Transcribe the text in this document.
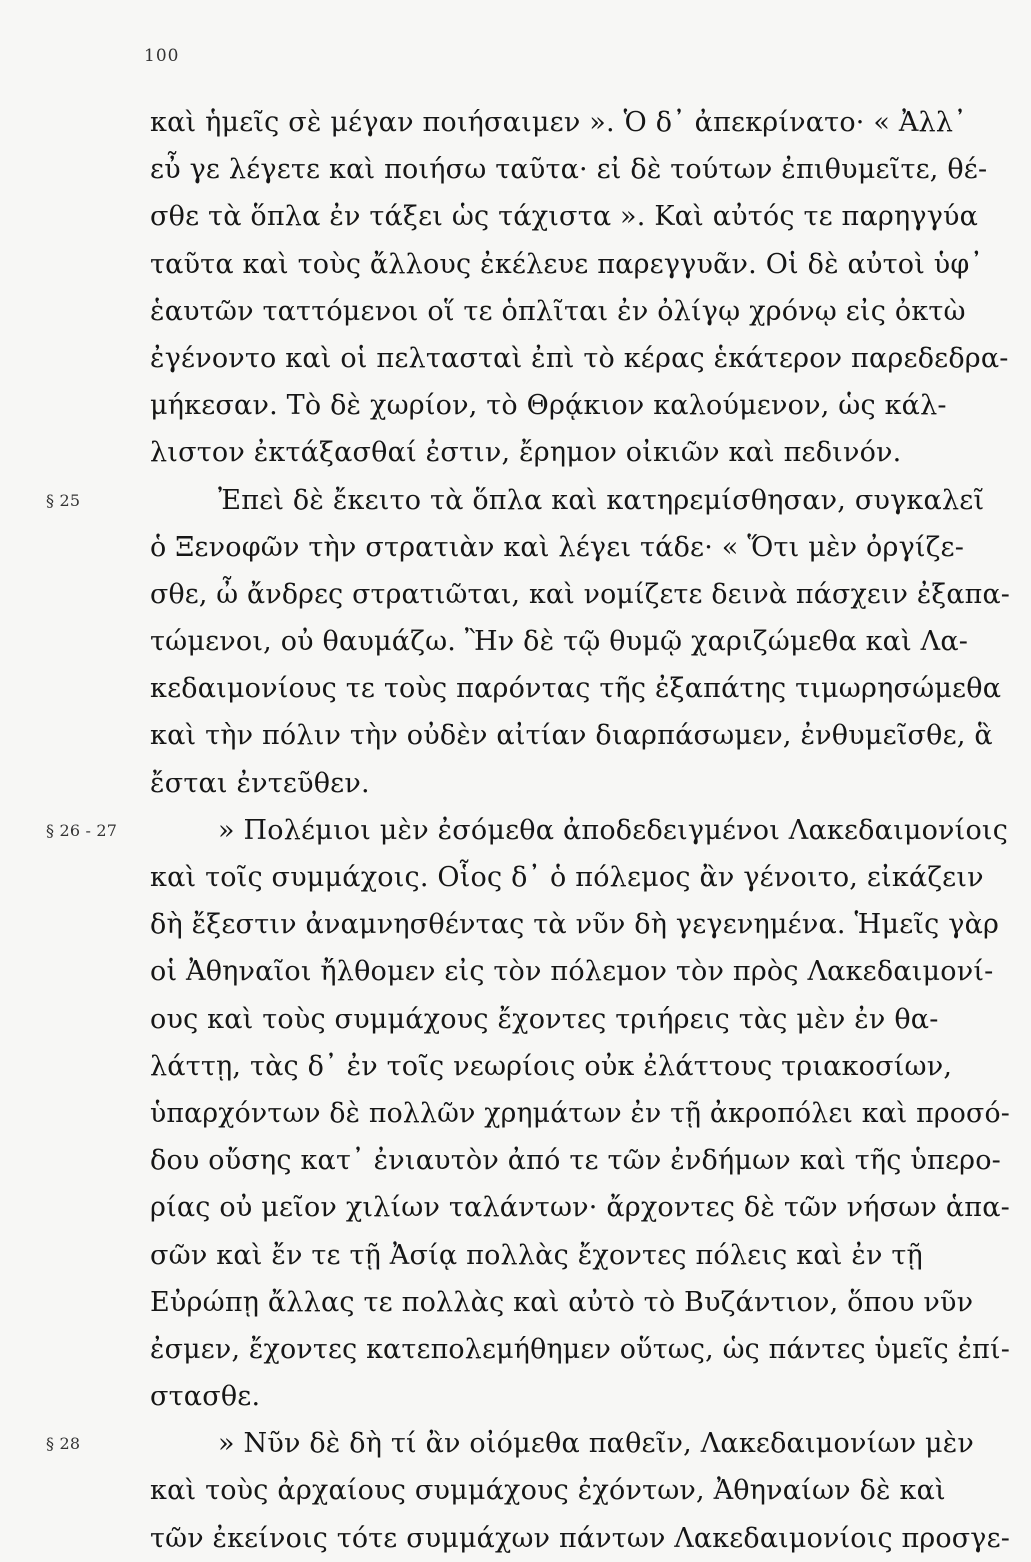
100
καὶ ἡμεῖς σὲ μέγαν ποιήσαιμεν ». Ὁ δ᾽ ἀπεκρίνατο· « Ἀλλ᾽
εὖ γε λέγετε καὶ ποιήσω ταῦτα· εἰ δὲ τούτων ἐπιθυμεῖτε, θέ-
σθε τὰ ὅπλα ἐν τάξει ὡς τάχιστα ». Καὶ αὐτός τε παρηγγύα
ταῦτα καὶ τοὺς ἄλλους ἐκέλευε παρεγγυᾶν. Οἱ δὲ αὐτοὶ ὑφ᾽
ἑαυτῶν ταττόμενοι οἵ τε ὁπλῖται ἐν ὀλίγῳ χρόνῳ εἰς ὀκτὼ
ἐγένοντο καὶ οἱ πελτασταὶ ἐπὶ τὸ κέρας ἑκάτερον παρεδεδρα-
μήκεσαν. Τὸ δὲ χωρίον, τὸ Θρᾴκιον καλούμενον, ὡς κάλ-
λιστον ἐκτάξασθαί ἐστιν, ἔρημον οἰκιῶν καὶ πεδινόν.
§ 25	Ἐπεὶ δὲ ἔκειτο τὰ ὅπλα καὶ κατηρεμίσθησαν, συγκαλεῖ
ὁ Ξενοφῶν τὴν στρατιὰν καὶ λέγει τάδε· « Ὅτι μὲν ὀργίζε-
σθε, ὦ ἄνδρες στρατιῶται, καὶ νομίζετε δεινὰ πάσχειν ἐξαπα-
τώμενοι, οὐ θαυμάζω. Ἢν δὲ τῷ θυμῷ χαριζώμεθα καὶ Λα-
κεδαιμονίους τε τοὺς παρόντας τῆς ἐξαπάτης τιμωρησώμεθα
καὶ τὴν πόλιν τὴν οὐδὲν αἰτίαν διαρπάσωμεν, ἐνθυμεῖσθε, ἃ
ἔσται ἐντεῦθεν.
§ 26 - 27	» Πολέμιοι μὲν ἐσόμεθα ἀποδεδειγμένοι Λακεδαιμονίοις
καὶ τοῖς συμμάχοις. Οἷος δ᾽ ὁ πόλεμος ἂν γένοιτο, εἰκάζειν
δὴ ἔξεστιν ἀναμνησθέντας τὰ νῦν δὴ γεγενημένα. Ἡμεῖς γὰρ
οἱ Ἀθηναῖοι ἤλθομεν εἰς τὸν πόλεμον τὸν πρὸς Λακεδαιμονί-
ους καὶ τοὺς συμμάχους ἔχοντες τριήρεις τὰς μὲν ἐν θα-
λάττῃ, τὰς δ᾽ ἐν τοῖς νεωρίοις οὐκ ἐλάττους τριακοσίων,
ὑπαρχόντων δὲ πολλῶν χρημάτων ἐν τῇ ἀκροπόλει καὶ προσό-
δου οὔσης κατ᾽ ἐνιαυτὸν ἀπό τε τῶν ἐνδήμων καὶ τῆς ὑπερο-
ρίας οὐ μεῖον χιλίων ταλάντων· ἄρχοντες δὲ τῶν νήσων ἁπα-
σῶν καὶ ἔν τε τῇ Ἀσίᾳ πολλὰς ἔχοντες πόλεις καὶ ἐν τῇ
Εὐρώπῃ ἄλλας τε πολλὰς καὶ αὐτὸ τὸ Βυζάντιον, ὅπου νῦν
ἐσμεν, ἔχοντες κατεπολεμήθημεν οὕτως, ὡς πάντες ὑμεῖς ἐπί-
στασθε.
§ 28	» Νῦν δὲ δὴ τί ἂν οἰόμεθα παθεῖν, Λακεδαιμονίων μὲν
καὶ τοὺς ἀρχαίους συμμάχους ἐχόντων, Ἀθηναίων δὲ καὶ
τῶν ἐκείνοις τότε συμμάχων πάντων Λακεδαιμονίοις προσγε-
